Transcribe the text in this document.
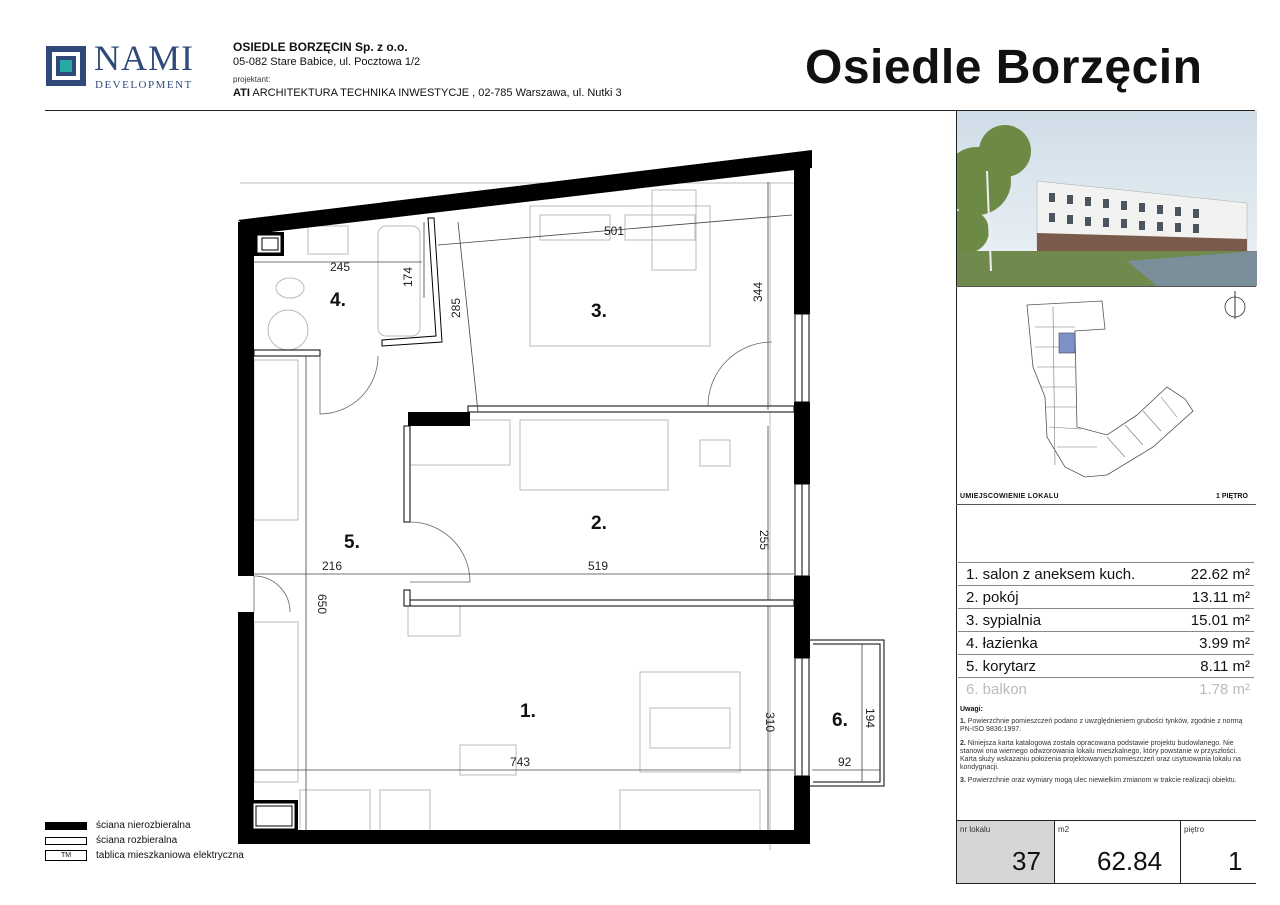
NAMI
DEVELOPMENT
OSIEDLE BORZĘCIN Sp. z o.o.
05-082 Stare Babice, ul. Pocztowa 1/2
projektant:
ATI ARCHITEKTURA TECHNIKA INWESTYCJE , 02-785 Warszawa, ul. Nutki 3	Osiedle Borzęcin
1.
2.
3.
4.
5.
6.
501
245	174
285
344
255
216	519
650
743
310	194
92
UMIEJSCOWIENIE LOKALU	1 PIĘTRO
1. salon z aneksem kuch.	22.62 m²
2. pokój	13.11 m²
3. sypialnia	15.01 m²
4. łazienka	3.99 m²
5. korytarz	8.11 m²
6. balkon	1.78 m²
Uwagi:

1. Powierzchnie pomieszczeń podano z uwzględnieniem grubości tynków, zgodnie z normą PN-ISO 9836:1997.

2. Niniejsza karta katalogowa została opracowana podstawie projektu budowlanego. Nie stanowi ona wiernego odwzorowania lokalu mieszkalnego, który powstanie w przyszłości. Karta służy wskazaniu położenia projektowanych pomieszczeń oraz usytuowania lokalu na kondygnacji.

3. Powierzchnie oraz wymiary mogą ulec niewielkim zmianom w trakcie realizacji obiektu.

nr lokalu
37
m2
62.84
piętro
1
ściana nierozbieralna
ściana rozbieralna
TM	tablica mieszkaniowa elektryczna
